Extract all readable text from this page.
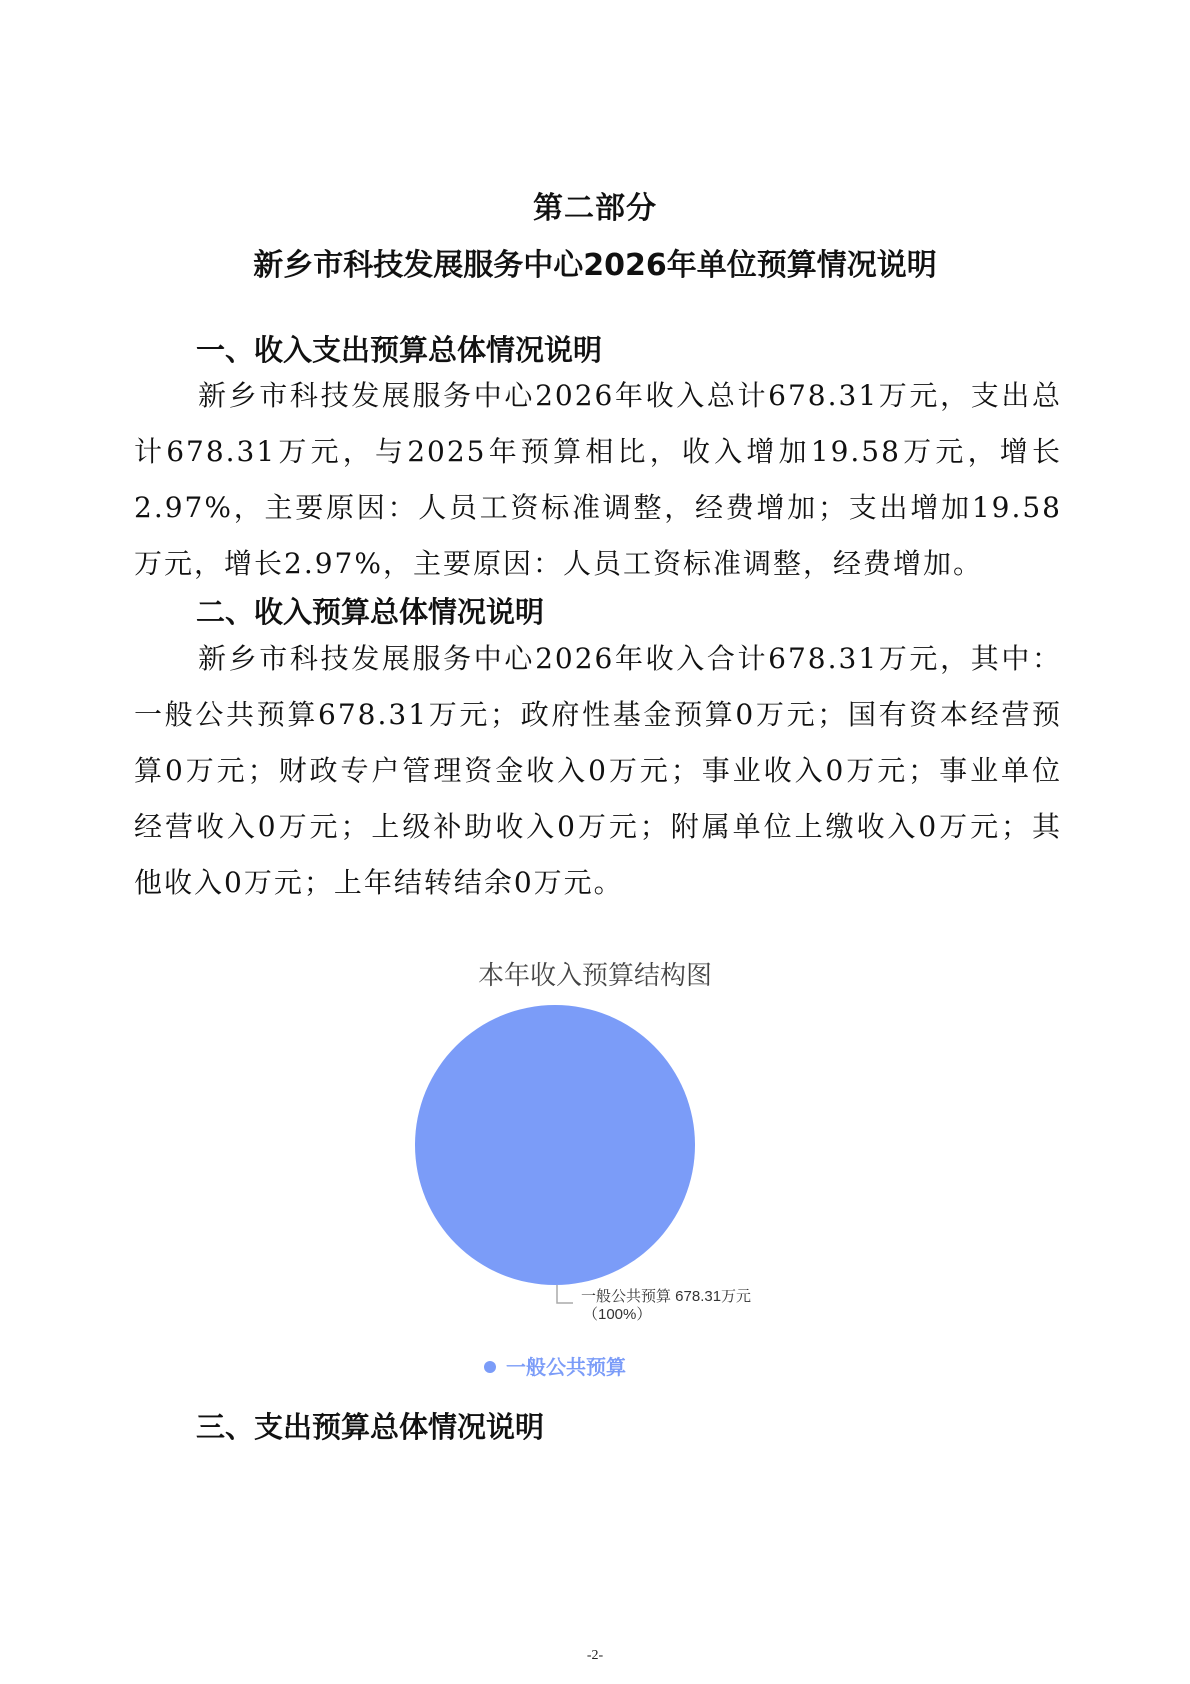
第二部分
新乡市科技发展服务中心2026年单位预算情况说明
一、收入支出预算总体情况说明

新乡市科技发展服务中心2026年收入总计678.31万元，支出总计678.31万元，与2025年预算相比，收入增加19.58万元，增长2.97%，主要原因：人员工资标准调整，经费增加；支出增加19.58万元，增长2.97%，主要原因：人员工资标准调整，经费增加。

二、收入预算总体情况说明

新乡市科技发展服务中心2026年收入合计678.31万元，其中：一般公共预算678.31万元；政府性基金预算0万元；国有资本经营预算0万元；财政专户管理资金收入0万元；事业收入0万元；事业单位经营收入0万元；上级补助收入0万元；附属单位上缴收入0万元；其他收入0万元；上年结转结余0万元。

本年收入预算结构图
一般公共预算 678.31万元
（100%）
一般公共预算
三、支出预算总体情况说明
-2-
